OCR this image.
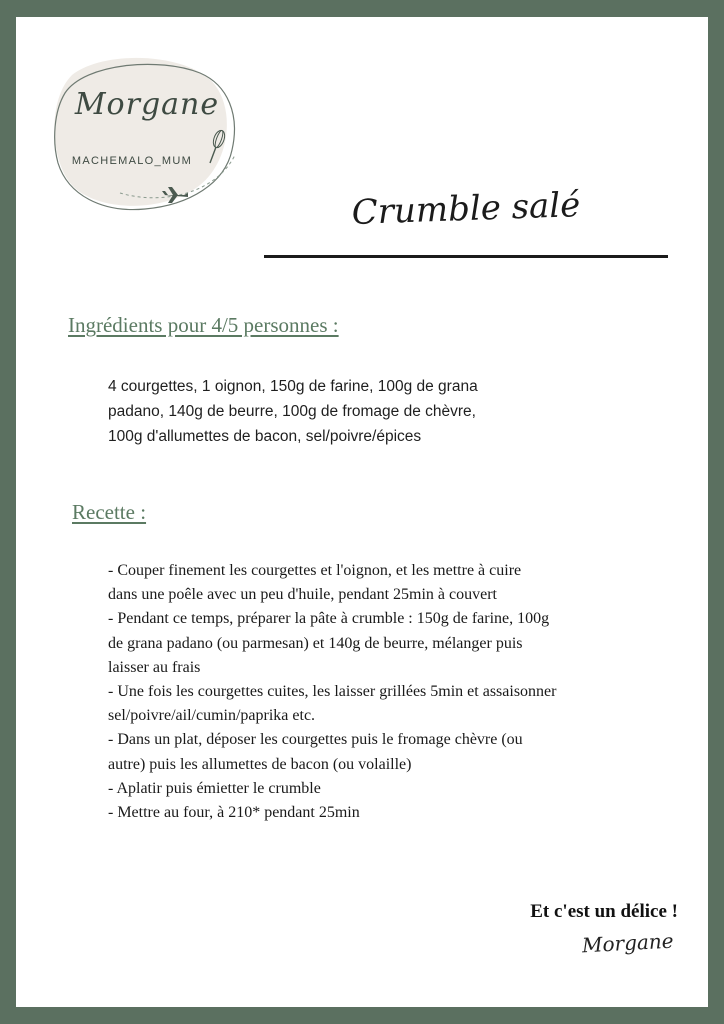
Morgane
MACHEMALO_MUM
Crumble salé
Ingrédients pour 4/5 personnes :
4 courgettes, 1 oignon, 150g de farine, 100g de grana
padano, 140g de beurre, 100g de fromage de chèvre,
100g d'allumettes de bacon, sel/poivre/épices
Recette :
- Couper finement les courgettes et l'oignon, et les mettre à cuire
dans une poêle avec un peu d'huile, pendant 25min à couvert
- Pendant ce temps, préparer la pâte à crumble : 150g de farine, 100g
de grana padano (ou parmesan) et 140g de beurre, mélanger puis
laisser au frais
- Une fois les courgettes cuites, les laisser grillées 5min et assaisonner
sel/poivre/ail/cumin/paprika etc.
- Dans un plat, déposer les courgettes puis le fromage chèvre (ou
autre) puis les allumettes de bacon (ou volaille)
- Aplatir puis émietter le crumble
- Mettre au four, à 210* pendant 25min
Et c'est un délice !
Morgane
